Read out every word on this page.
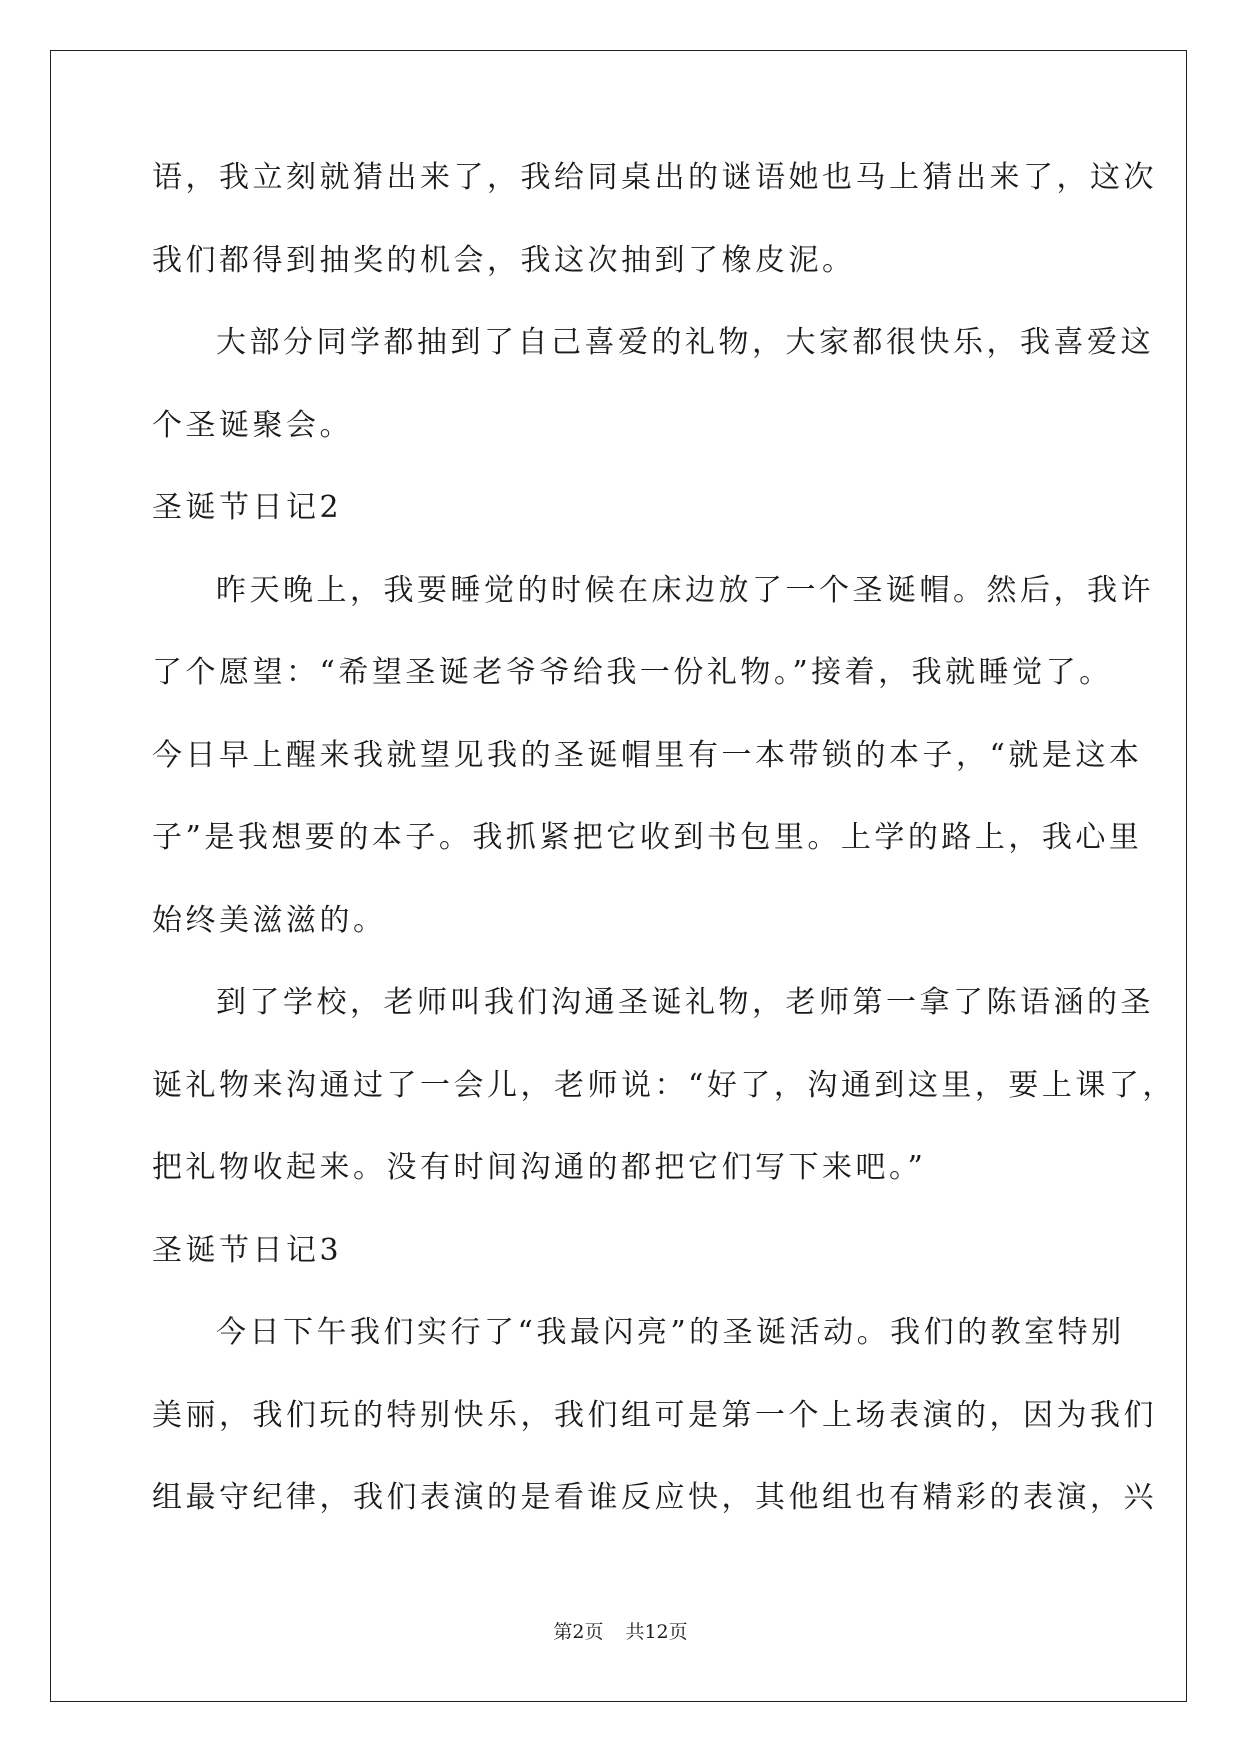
语，我立刻就猜出来了，我给同桌出的谜语她也马上猜出来了，这次
我们都得到抽奖的机会，我这次抽到了橡皮泥。
大部分同学都抽到了自己喜爱的礼物，大家都很快乐，我喜爱这
个圣诞聚会。
圣诞节日记2
昨天晚上，我要睡觉的时候在床边放了一个圣诞帽。然后，我许
了个愿望：“希望圣诞老爷爷给我一份礼物。”接着，我就睡觉了。
今日早上醒来我就望见我的圣诞帽里有一本带锁的本子，“就是这本
子”是我想要的本子。我抓紧把它收到书包里。上学的路上，我心里
始终美滋滋的。
到了学校，老师叫我们沟通圣诞礼物，老师第一拿了陈语涵的圣
诞礼物来沟通过了一会儿，老师说：“好了，沟通到这里，要上课了，
把礼物收起来。没有时间沟通的都把它们写下来吧。”
圣诞节日记3
今日下午我们实行了“我最闪亮”的圣诞活动。我们的教室特别
美丽，我们玩的特别快乐，我们组可是第一个上场表演的，因为我们
组最守纪律，我们表演的是看谁反应快，其他组也有精彩的表演，兴
第2页 共12页
